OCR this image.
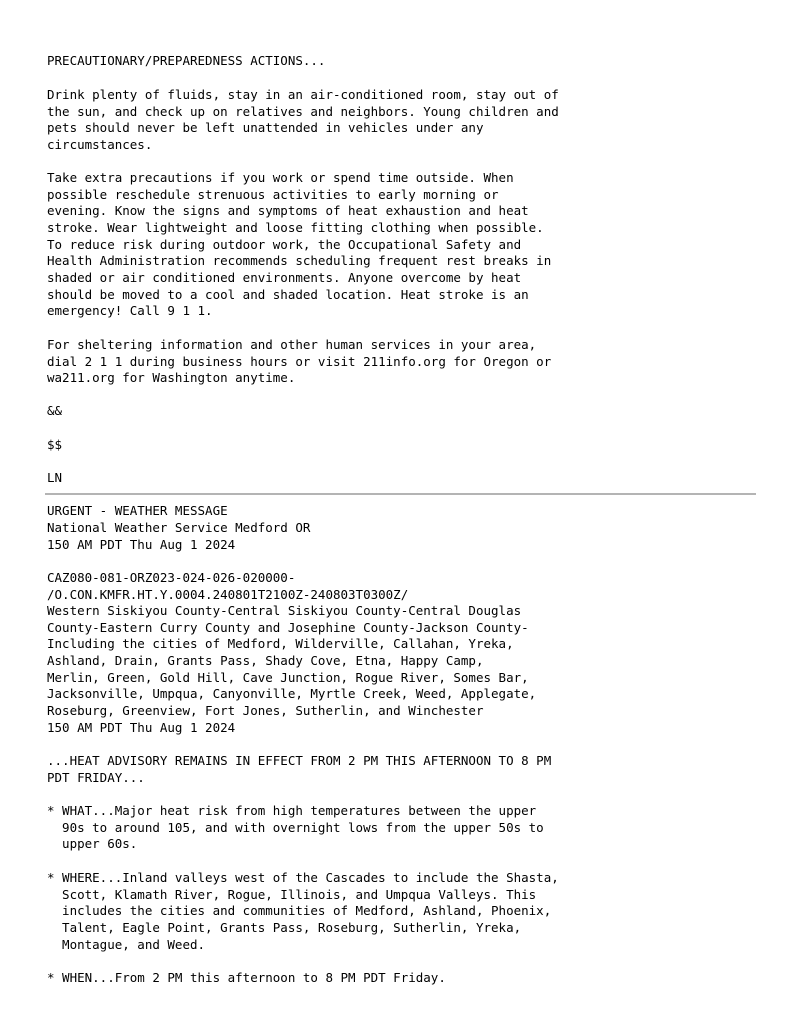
PRECAUTIONARY/PREPAREDNESS ACTIONS...

Drink plenty of fluids, stay in an air-conditioned room, stay out of
the sun, and check up on relatives and neighbors. Young children and
pets should never be left unattended in vehicles under any
circumstances.

Take extra precautions if you work or spend time outside. When
possible reschedule strenuous activities to early morning or
evening. Know the signs and symptoms of heat exhaustion and heat
stroke. Wear lightweight and loose fitting clothing when possible.
To reduce risk during outdoor work, the Occupational Safety and
Health Administration recommends scheduling frequent rest breaks in
shaded or air conditioned environments. Anyone overcome by heat
should be moved to a cool and shaded location. Heat stroke is an
emergency! Call 9 1 1.

For sheltering information and other human services in your area,
dial 2 1 1 during business hours or visit 211info.org for Oregon or
wa211.org for Washington anytime.

&&

$$

LN

URGENT - WEATHER MESSAGE

National Weather Service Medford OR

150 AM PDT Thu Aug 1 2024

CAZ080-081-ORZ023-024-026-020000-

/O.CON.KMFR.HT.Y.0004.240801T2100Z-240803T0300Z/

Western Siskiyou County-Central Siskiyou County-Central Douglas
County-Eastern Curry County and Josephine County-Jackson County-
Including the cities of Medford, Wilderville, Callahan, Yreka,
Ashland, Drain, Grants Pass, Shady Cove, Etna, Happy Camp,
Merlin, Green, Gold Hill, Cave Junction, Rogue River, Somes Bar,
Jacksonville, Umpqua, Canyonville, Myrtle Creek, Weed, Applegate,
Roseburg, Greenview, Fort Jones, Sutherlin, and Winchester

150 AM PDT Thu Aug 1 2024

...HEAT ADVISORY REMAINS IN EFFECT FROM 2 PM THIS AFTERNOON TO 8 PM
PDT FRIDAY...

* WHAT...Major heat risk from high temperatures between the upper
90s to around 105, and with overnight lows from the upper 50s to
upper 60s.

* WHERE...Inland valleys west of the Cascades to include the Shasta,
Scott, Klamath River, Rogue, Illinois, and Umpqua Valleys. This
includes the cities and communities of Medford, Ashland, Phoenix,
Talent, Eagle Point, Grants Pass, Roseburg, Sutherlin, Yreka,
Montague, and Weed.

* WHEN...From 2 PM this afternoon to 8 PM PDT Friday.
